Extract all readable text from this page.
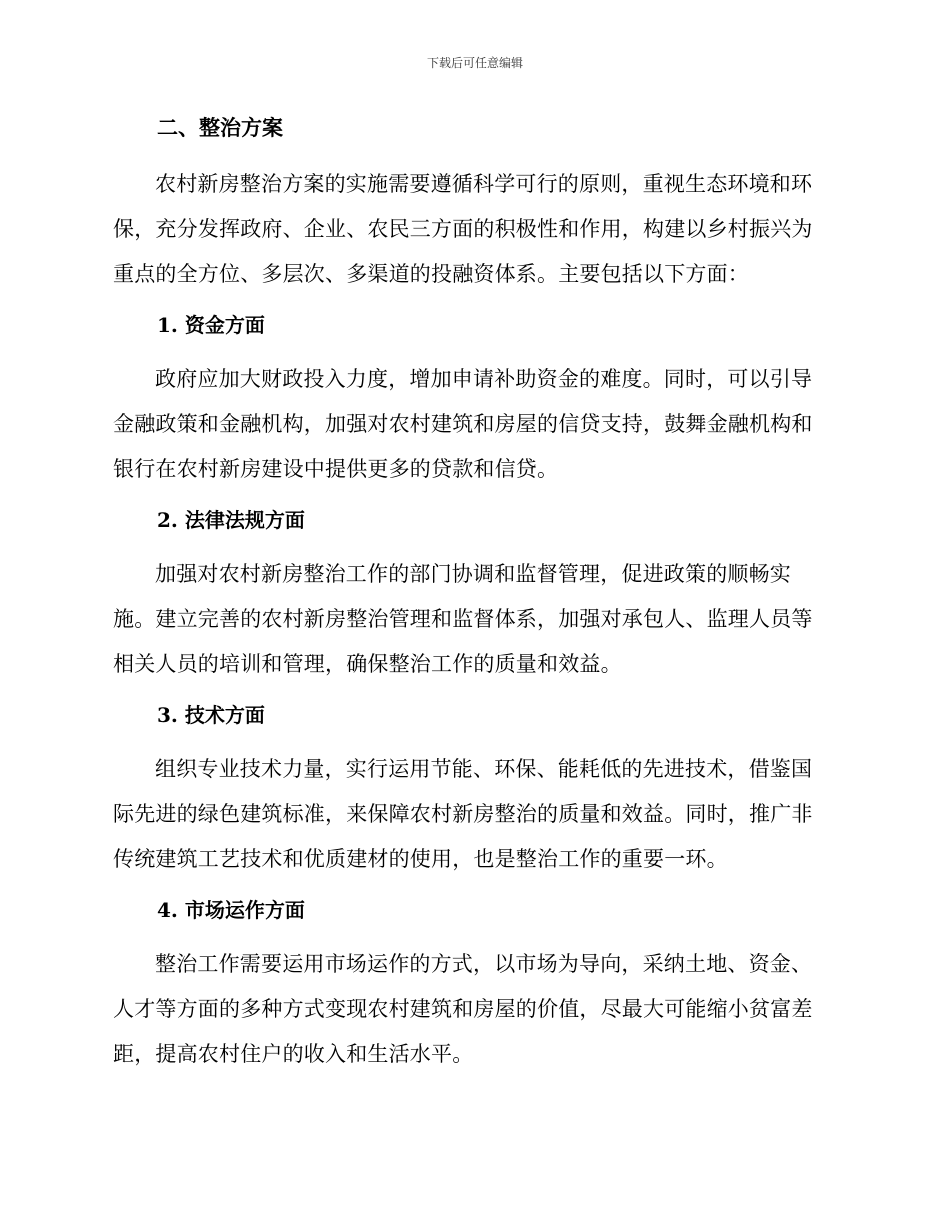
下载后可任意编辑
二、整治方案

农村新房整治方案的实施需要遵循科学可行的原则，重视生态环境和环保，充分发挥政府、企业、农民三方面的积极性和作用，构建以乡村振兴为重点的全方位、多层次、多渠道的投融资体系。主要包括以下方面：

1. 资金方面

政府应加大财政投入力度，增加申请补助资金的难度。同时，可以引导金融政策和金融机构，加强对农村建筑和房屋的信贷支持，鼓舞金融机构和银行在农村新房建设中提供更多的贷款和信贷。

2. 法律法规方面

加强对农村新房整治工作的部门协调和监督管理，促进政策的顺畅实施。建立完善的农村新房整治管理和监督体系，加强对承包人、监理人员等相关人员的培训和管理，确保整治工作的质量和效益。

3. 技术方面

组织专业技术力量，实行运用节能、环保、能耗低的先进技术，借鉴国际先进的绿色建筑标准，来保障农村新房整治的质量和效益。同时，推广非传统建筑工艺技术和优质建材的使用，也是整治工作的重要一环。

4. 市场运作方面

整治工作需要运用市场运作的方式，以市场为导向，采纳土地、资金、人才等方面的多种方式变现农村建筑和房屋的价值，尽最大可能缩小贫富差距，提高农村住户的收入和生活水平。
